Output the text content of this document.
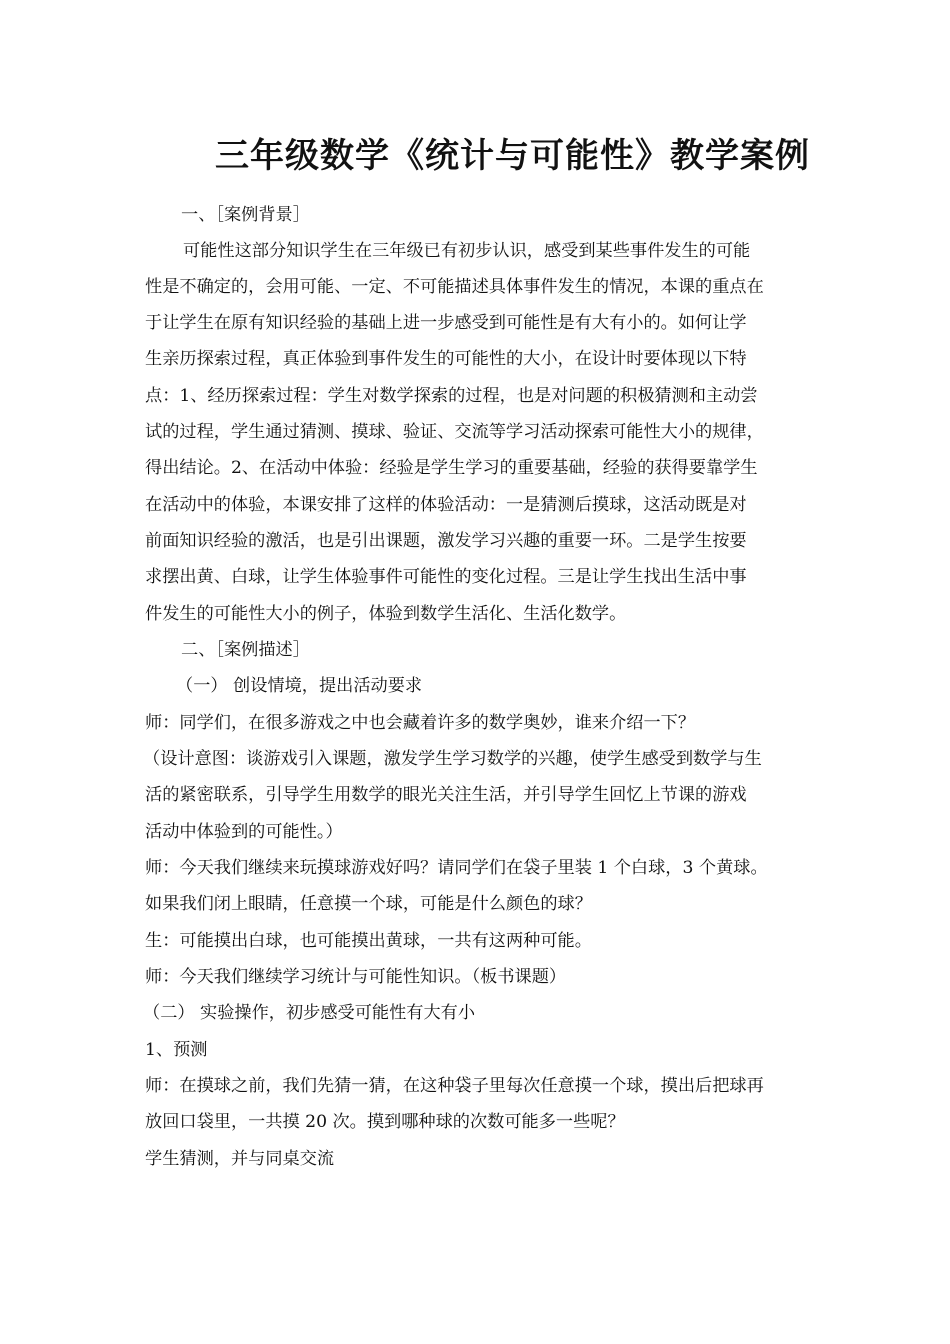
三年级数学《统计与可能性》教学案例
一、［案例背景］
可能性这部分知识学生在三年级已有初步认识，感受到某些事件发生的可能
性是不确定的，会用可能、一定、不可能描述具体事件发生的情况，本课的重点在
于让学生在原有知识经验的基础上进一步感受到可能性是有大有小的。如何让学
生亲历探索过程，真正体验到事件发生的可能性的大小，在设计时要体现以下特
点：1、经历探索过程：学生对数学探索的过程，也是对问题的积极猜测和主动尝
试的过程，学生通过猜测、摸球、验证、交流等学习活动探索可能性大小的规律，
得出结论。2、在活动中体验：经验是学生学习的重要基础，经验的获得要靠学生
在活动中的体验，本课安排了这样的体验活动：一是猜测后摸球，这活动既是对
前面知识经验的激活，也是引出课题，激发学习兴趣的重要一环。二是学生按要
求摆出黄、白球，让学生体验事件可能性的变化过程。三是让学生找出生活中事
件发生的可能性大小的例子，体验到数学生活化、生活化数学。
二、［案例描述］
（一） 创设情境，提出活动要求
师：同学们，在很多游戏之中也会藏着许多的数学奥妙，谁来介绍一下？
（设计意图：谈游戏引入课题，激发学生学习数学的兴趣，使学生感受到数学与生
活的紧密联系，引导学生用数学的眼光关注生活，并引导学生回忆上节课的游戏
活动中体验到的可能性。）
师：今天我们继续来玩摸球游戏好吗？请同学们在袋子里装 1 个白球，3 个黄球。
如果我们闭上眼睛，任意摸一个球，可能是什么颜色的球？
生：可能摸出白球，也可能摸出黄球，一共有这两种可能。
师：今天我们继续学习统计与可能性知识。（板书课题）
（二） 实验操作，初步感受可能性有大有小
1、预测
师：在摸球之前，我们先猜一猜，在这种袋子里每次任意摸一个球，摸出后把球再
放回口袋里，一共摸 20 次。摸到哪种球的次数可能多一些呢？
学生猜测，并与同桌交流
